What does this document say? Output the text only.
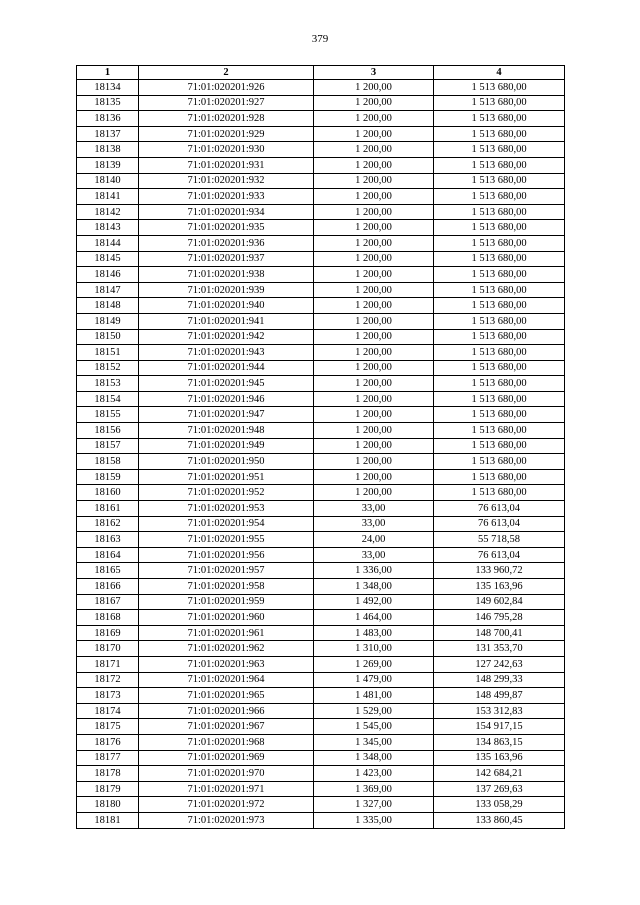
379
1	2	3	4
18134	71:01:020201:926	1 200,00	1 513 680,00
18135	71:01:020201:927	1 200,00	1 513 680,00
18136	71:01:020201:928	1 200,00	1 513 680,00
18137	71:01:020201:929	1 200,00	1 513 680,00
18138	71:01:020201:930	1 200,00	1 513 680,00
18139	71:01:020201:931	1 200,00	1 513 680,00
18140	71:01:020201:932	1 200,00	1 513 680,00
18141	71:01:020201:933	1 200,00	1 513 680,00
18142	71:01:020201:934	1 200,00	1 513 680,00
18143	71:01:020201:935	1 200,00	1 513 680,00
18144	71:01:020201:936	1 200,00	1 513 680,00
18145	71:01:020201:937	1 200,00	1 513 680,00
18146	71:01:020201:938	1 200,00	1 513 680,00
18147	71:01:020201:939	1 200,00	1 513 680,00
18148	71:01:020201:940	1 200,00	1 513 680,00
18149	71:01:020201:941	1 200,00	1 513 680,00
18150	71:01:020201:942	1 200,00	1 513 680,00
18151	71:01:020201:943	1 200,00	1 513 680,00
18152	71:01:020201:944	1 200,00	1 513 680,00
18153	71:01:020201:945	1 200,00	1 513 680,00
18154	71:01:020201:946	1 200,00	1 513 680,00
18155	71:01:020201:947	1 200,00	1 513 680,00
18156	71:01:020201:948	1 200,00	1 513 680,00
18157	71:01:020201:949	1 200,00	1 513 680,00
18158	71:01:020201:950	1 200,00	1 513 680,00
18159	71:01:020201:951	1 200,00	1 513 680,00
18160	71:01:020201:952	1 200,00	1 513 680,00
18161	71:01:020201:953	33,00	76 613,04
18162	71:01:020201:954	33,00	76 613,04
18163	71:01:020201:955	24,00	55 718,58
18164	71:01:020201:956	33,00	76 613,04
18165	71:01:020201:957	1 336,00	133 960,72
18166	71:01:020201:958	1 348,00	135 163,96
18167	71:01:020201:959	1 492,00	149 602,84
18168	71:01:020201:960	1 464,00	146 795,28
18169	71:01:020201:961	1 483,00	148 700,41
18170	71:01:020201:962	1 310,00	131 353,70
18171	71:01:020201:963	1 269,00	127 242,63
18172	71:01:020201:964	1 479,00	148 299,33
18173	71:01:020201:965	1 481,00	148 499,87
18174	71:01:020201:966	1 529,00	153 312,83
18175	71:01:020201:967	1 545,00	154 917,15
18176	71:01:020201:968	1 345,00	134 863,15
18177	71:01:020201:969	1 348,00	135 163,96
18178	71:01:020201:970	1 423,00	142 684,21
18179	71:01:020201:971	1 369,00	137 269,63
18180	71:01:020201:972	1 327,00	133 058,29
18181	71:01:020201:973	1 335,00	133 860,45
